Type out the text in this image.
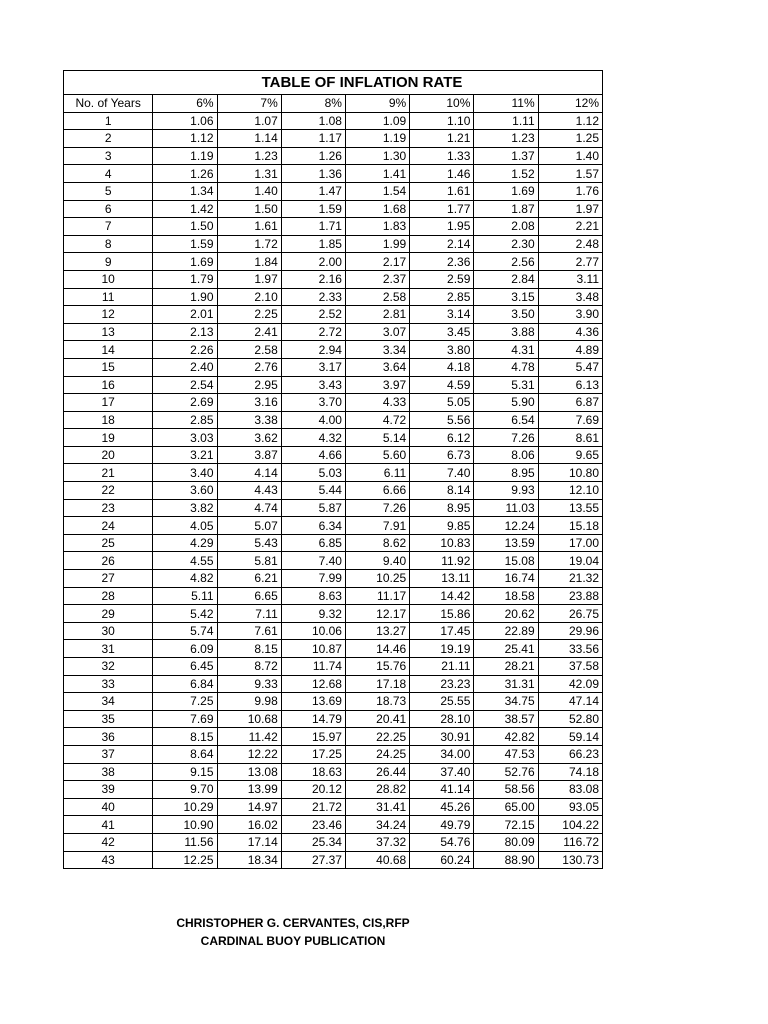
TABLE OF INFLATION RATE							
No. of Years	6%	7%	8%	9%	10%	11%	12%
1	1.06	1.07	1.08	1.09	1.10	1.11	1.12
2	1.12	1.14	1.17	1.19	1.21	1.23	1.25
3	1.19	1.23	1.26	1.30	1.33	1.37	1.40
4	1.26	1.31	1.36	1.41	1.46	1.52	1.57
5	1.34	1.40	1.47	1.54	1.61	1.69	1.76
6	1.42	1.50	1.59	1.68	1.77	1.87	1.97
7	1.50	1.61	1.71	1.83	1.95	2.08	2.21
8	1.59	1.72	1.85	1.99	2.14	2.30	2.48
9	1.69	1.84	2.00	2.17	2.36	2.56	2.77
10	1.79	1.97	2.16	2.37	2.59	2.84	3.11
11	1.90	2.10	2.33	2.58	2.85	3.15	3.48
12	2.01	2.25	2.52	2.81	3.14	3.50	3.90
13	2.13	2.41	2.72	3.07	3.45	3.88	4.36
14	2.26	2.58	2.94	3.34	3.80	4.31	4.89
15	2.40	2.76	3.17	3.64	4.18	4.78	5.47
16	2.54	2.95	3.43	3.97	4.59	5.31	6.13
17	2.69	3.16	3.70	4.33	5.05	5.90	6.87
18	2.85	3.38	4.00	4.72	5.56	6.54	7.69
19	3.03	3.62	4.32	5.14	6.12	7.26	8.61
20	3.21	3.87	4.66	5.60	6.73	8.06	9.65
21	3.40	4.14	5.03	6.11	7.40	8.95	10.80
22	3.60	4.43	5.44	6.66	8.14	9.93	12.10
23	3.82	4.74	5.87	7.26	8.95	11.03	13.55
24	4.05	5.07	6.34	7.91	9.85	12.24	15.18
25	4.29	5.43	6.85	8.62	10.83	13.59	17.00
26	4.55	5.81	7.40	9.40	11.92	15.08	19.04
27	4.82	6.21	7.99	10.25	13.11	16.74	21.32
28	5.11	6.65	8.63	11.17	14.42	18.58	23.88
29	5.42	7.11	9.32	12.17	15.86	20.62	26.75
30	5.74	7.61	10.06	13.27	17.45	22.89	29.96
31	6.09	8.15	10.87	14.46	19.19	25.41	33.56
32	6.45	8.72	11.74	15.76	21.11	28.21	37.58
33	6.84	9.33	12.68	17.18	23.23	31.31	42.09
34	7.25	9.98	13.69	18.73	25.55	34.75	47.14
35	7.69	10.68	14.79	20.41	28.10	38.57	52.80
36	8.15	11.42	15.97	22.25	30.91	42.82	59.14
37	8.64	12.22	17.25	24.25	34.00	47.53	66.23
38	9.15	13.08	18.63	26.44	37.40	52.76	74.18
39	9.70	13.99	20.12	28.82	41.14	58.56	83.08
40	10.29	14.97	21.72	31.41	45.26	65.00	93.05
41	10.90	16.02	23.46	34.24	49.79	72.15	104.22
42	11.56	17.14	25.34	37.32	54.76	80.09	116.72
43	12.25	18.34	27.37	40.68	60.24	88.90	130.73
CHRISTOPHER G. CERVANTES, CIS,RFP
CARDINAL BUOY PUBLICATION
